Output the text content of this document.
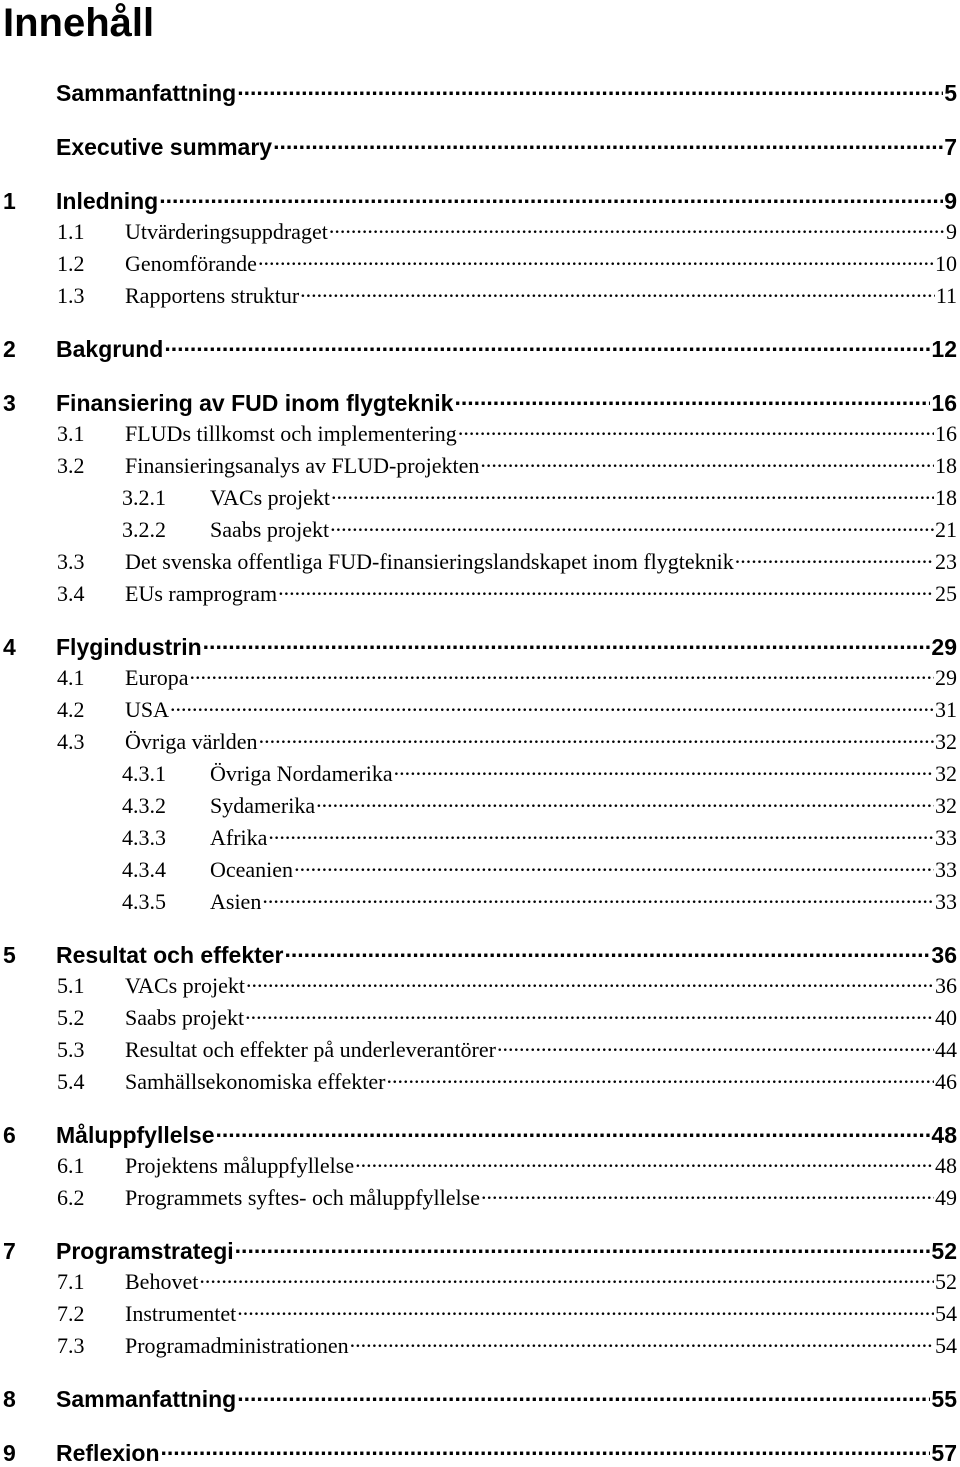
Innehåll
Sammanfattning .....	5
Executive summary .....	7
1	Inledning .....	9
1.1	Utvärderingsuppdraget .....	9
1.2	Genomförande .....	10
1.3	Rapportens struktur .....	11
2	Bakgrund .....	12
3	Finansiering av FUD inom flygteknik .....	16
3.1	FLUDs tillkomst och implementering .....	16
3.2	Finansieringsanalys av FLUD-projekten .....	18
3.2.1	VACs projekt .....	18
3.2.2	Saabs projekt .....	21
3.3	Det svenska offentliga FUD-finansieringslandskapet inom flygteknik .....	23
3.4	EUs ramprogram .....	25
4	Flygindustrin .....	29
4.1	Europa .....	29
4.2	USA .....	31
4.3	Övriga världen .....	32
4.3.1	Övriga Nordamerika .....	32
4.3.2	Sydamerika .....	32
4.3.3	Afrika .....	33
4.3.4	Oceanien .....	33
4.3.5	Asien .....	33
5	Resultat och effekter .....	36
5.1	VACs projekt .....	36
5.2	Saabs projekt .....	40
5.3	Resultat och effekter på underleverantörer .....	44
5.4	Samhällsekonomiska effekter .....	46
6	Måluppfyllelse .....	48
6.1	Projektens måluppfyllelse .....	48
6.2	Programmets syftes- och måluppfyllelse .....	49
7	Programstrategi .....	52
7.1	Behovet .....	52
7.2	Instrumentet .....	54
7.3	Programadministrationen .....	54
8	Sammanfattning .....	55
9	Reflexion .....	57
